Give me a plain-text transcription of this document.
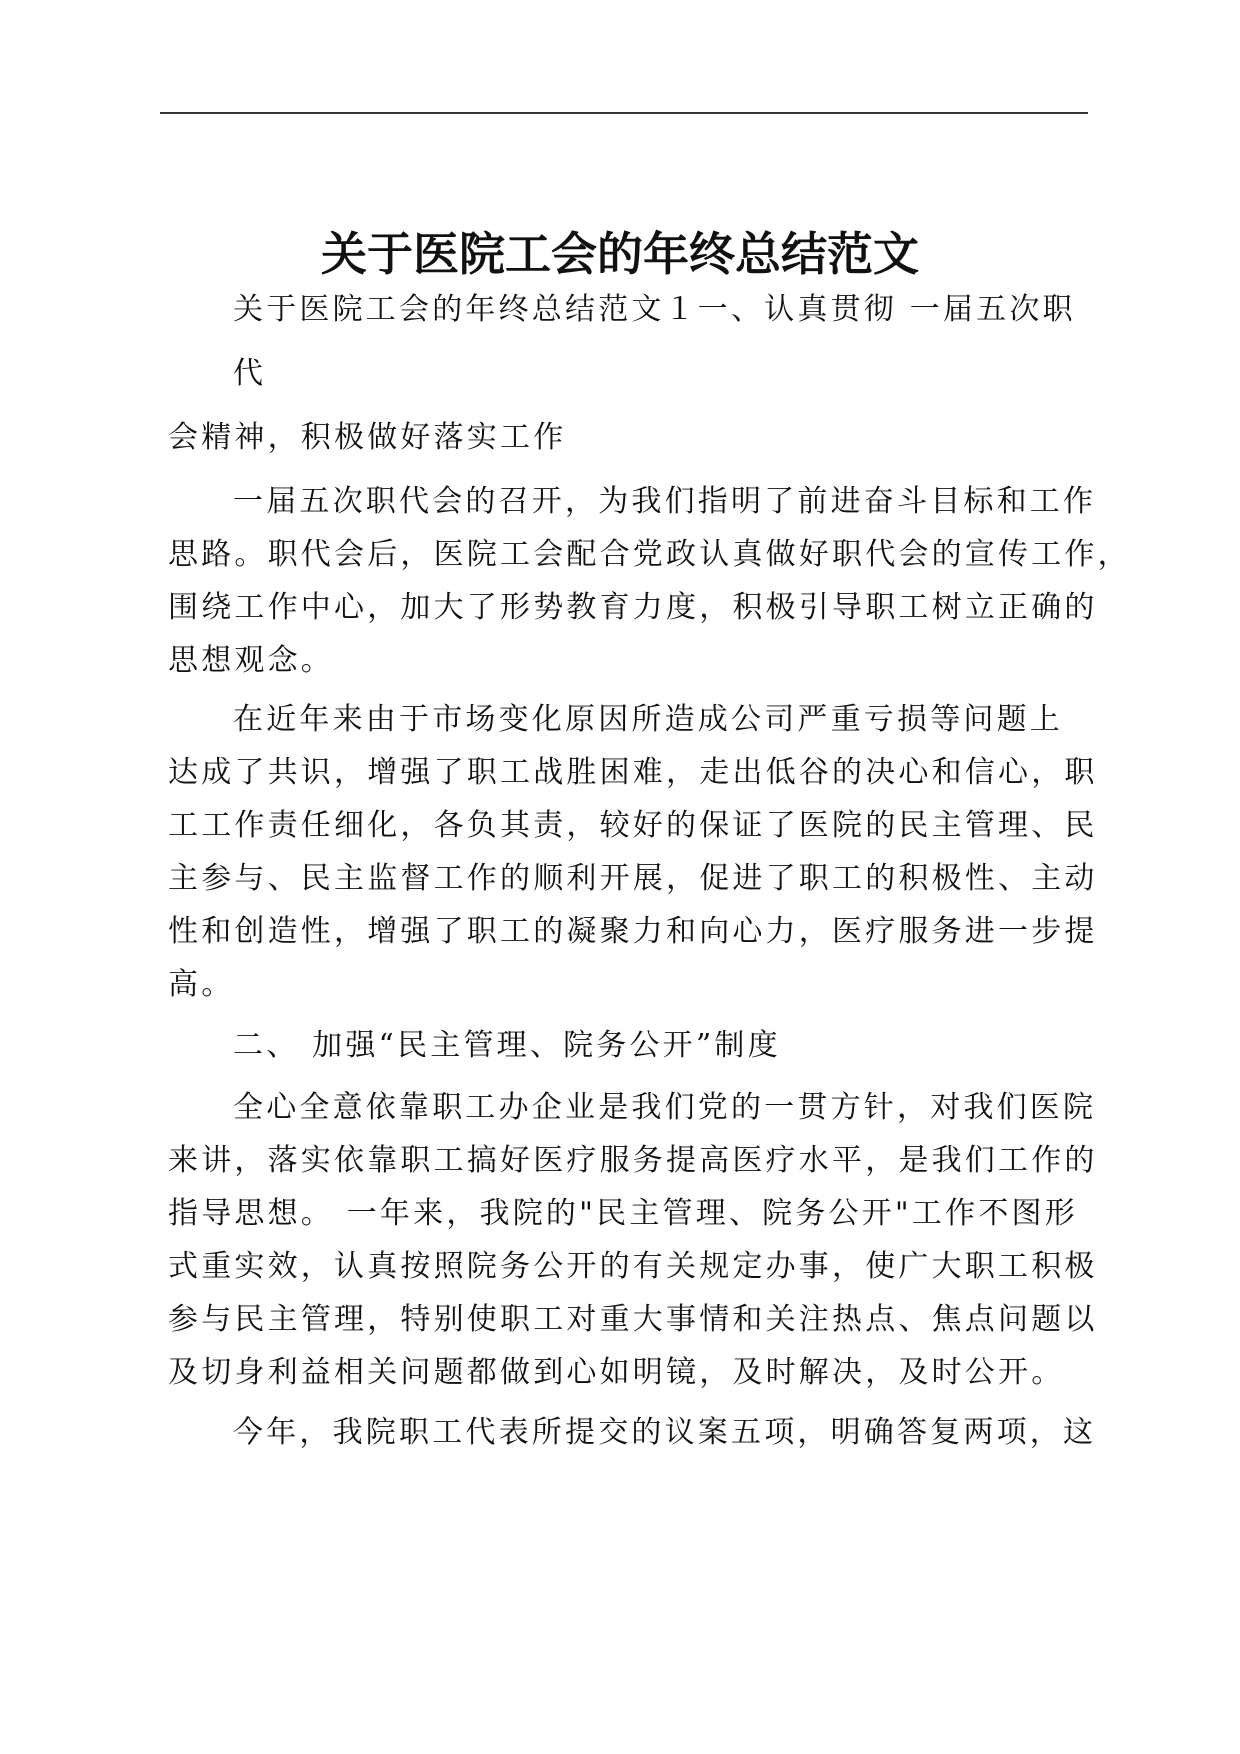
关于医院工会的年终总结范文
关于医院工会的年终总结范文１一、认真贯彻 一届五次职
代
会精神，积极做好落实工作
一届五次职代会的召开，为我们指明了前进奋斗目标和工作
思路。职代会后，医院工会配合党政认真做好职代会的宣传工作，
围绕工作中心，加大了形势教育力度，积极引导职工树立正确的
思想观念。
在近年来由于市场变化原因所造成公司严重亏损等问题上
达成了共识，增强了职工战胜困难，走出低谷的决心和信心，职
工工作责任细化，各负其责，较好的保证了医院的民主管理、民
主参与、民主监督工作的顺利开展，促进了职工的积极性、主动
性和创造性，增强了职工的凝聚力和向心力，医疗服务进一步提
高。
二、 加强“民主管理、院务公开”制度
全心全意依靠职工办企业是我们党的一贯方针，对我们医院
来讲，落实依靠职工搞好医疗服务提高医疗水平，是我们工作的
指导思想。 一年来，我院的"民主管理、院务公开"工作不图形
式重实效，认真按照院务公开的有关规定办事，使广大职工积极
参与民主管理，特别使职工对重大事情和关注热点、焦点问题以
及切身利益相关问题都做到心如明镜，及时解决，及时公开。
今年，我院职工代表所提交的议案五项，明确答复两项，这
